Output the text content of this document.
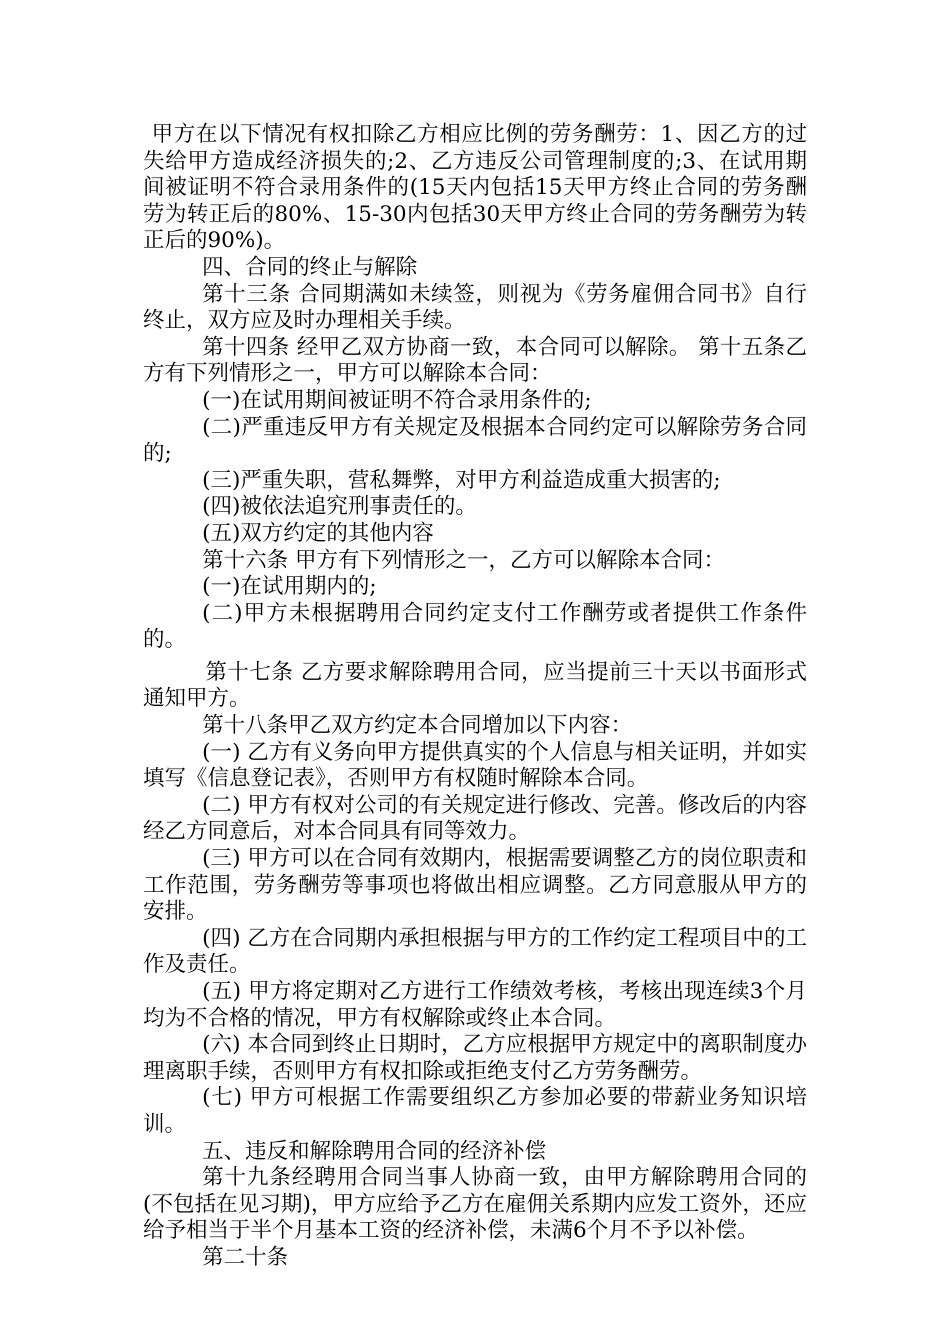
甲方在以下情况有权扣除乙方相应比例的劳务酬劳：1、因乙方的过失给甲方造成经济损失的;2、乙方违反公司管理制度的;3、在试用期间被证明不符合录用条件的(15天内包括15天甲方终止合同的劳务酬劳为转正后的80%、15-30内包括30天甲方终止合同的劳务酬劳为转正后的90%)。

四、合同的终止与解除

第十三条 合同期满如未续签，则视为《劳务雇佣合同书》自行终止，双方应及时办理相关手续。

第十四条 经甲乙双方协商一致，本合同可以解除。 第十五条乙方有下列情形之一，甲方可以解除本合同：

(一)在试用期间被证明不符合录用条件的;

(二)严重违反甲方有关规定及根据本合同约定可以解除劳务合同的;

(三)严重失职，营私舞弊，对甲方利益造成重大损害的;

(四)被依法追究刑事责任的。

(五)双方约定的其他内容

第十六条 甲方有下列情形之一，乙方可以解除本合同：

(一)在试用期内的;

(二)甲方未根据聘用合同约定支付工作酬劳或者提供工作条件的。

第十七条 乙方要求解除聘用合同，应当提前三十天以书面形式通知甲方。

第十八条甲乙双方约定本合同增加以下内容：

(一) 乙方有义务向甲方提供真实的个人信息与相关证明，并如实填写《信息登记表》，否则甲方有权随时解除本合同。

(二) 甲方有权对公司的有关规定进行修改、完善。修改后的内容经乙方同意后，对本合同具有同等效力。

(三) 甲方可以在合同有效期内，根据需要调整乙方的岗位职责和工作范围，劳务酬劳等事项也将做出相应调整。乙方同意服从甲方的安排。

(四) 乙方在合同期内承担根据与甲方的工作约定工程项目中的工作及责任。

(五) 甲方将定期对乙方进行工作绩效考核，考核出现连续3个月均为不合格的情况，甲方有权解除或终止本合同。

(六) 本合同到终止日期时，乙方应根据甲方规定中的离职制度办理离职手续，否则甲方有权扣除或拒绝支付乙方劳务酬劳。

(七) 甲方可根据工作需要组织乙方参加必要的带薪业务知识培训。

五、违反和解除聘用合同的经济补偿

第十九条经聘用合同当事人协商一致，由甲方解除聘用合同的(不包括在见习期)，甲方应给予乙方在雇佣关系期内应发工资外，还应给予相当于半个月基本工资的经济补偿，未满6个月不予以补偿。

第二十条
